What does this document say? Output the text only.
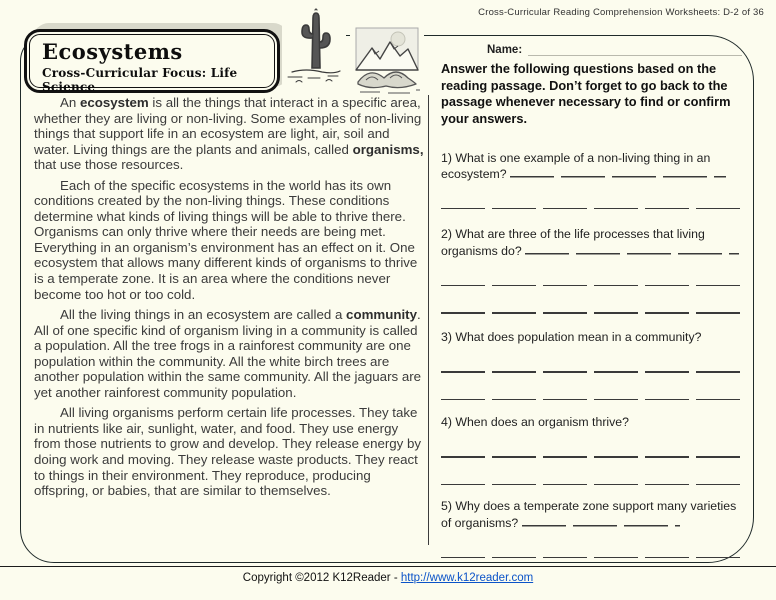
Cross-Curricular Reading Comprehension Worksheets: D-2 of 36
Ecosystems
Cross-Curricular Focus: Life Science

An ecosystem is all the things that interact in a specific area, whether they are living or non-living. Some examples of non-living things that support life in an ecosystem are light, air, soil and water. Living things are the plants and animals, called organisms, that use those resources.

Each of the specific ecosystems in the world has its own conditions created by the non-living things. These conditions determine what kinds of living things will be able to thrive there. Organisms can only thrive where their needs are being met. Everything in an organism’s environment has an effect on it. One ecosystem that allows many different kinds of organisms to thrive is a temperate zone. It is an area where the conditions never become too hot or too cold.

All the living things in an ecosystem are called a community. All of one specific kind of organism living in a community is called a population. All the tree frogs in a rainforest community are one population within the community. All the white birch trees are another population within the same community. All the jaguars are yet another rainforest community population.

All living organisms perform certain life processes. They take in nutrients like air, sunlight, water, and food. They use energy from those nutrients to grow and develop. They release energy by doing work and moving. They release waste products. They react to things in their environment. They reproduce, producing offspring, or babies, that are similar to themselves.

Name:
Answer the following questions based on the reading passage. Don’t forget to go back to the passage whenever necessary to find or confirm your answers.
1) What is one example of a non-living thing in an ecosystem?
2) What are three of the life processes that living organisms do?
3) What does population mean in a community?
4) When does an organism thrive?
5) Why does a temperate zone support many varieties of organisms?
Copyright ©2012 K12Reader - http://www.k12reader.com
